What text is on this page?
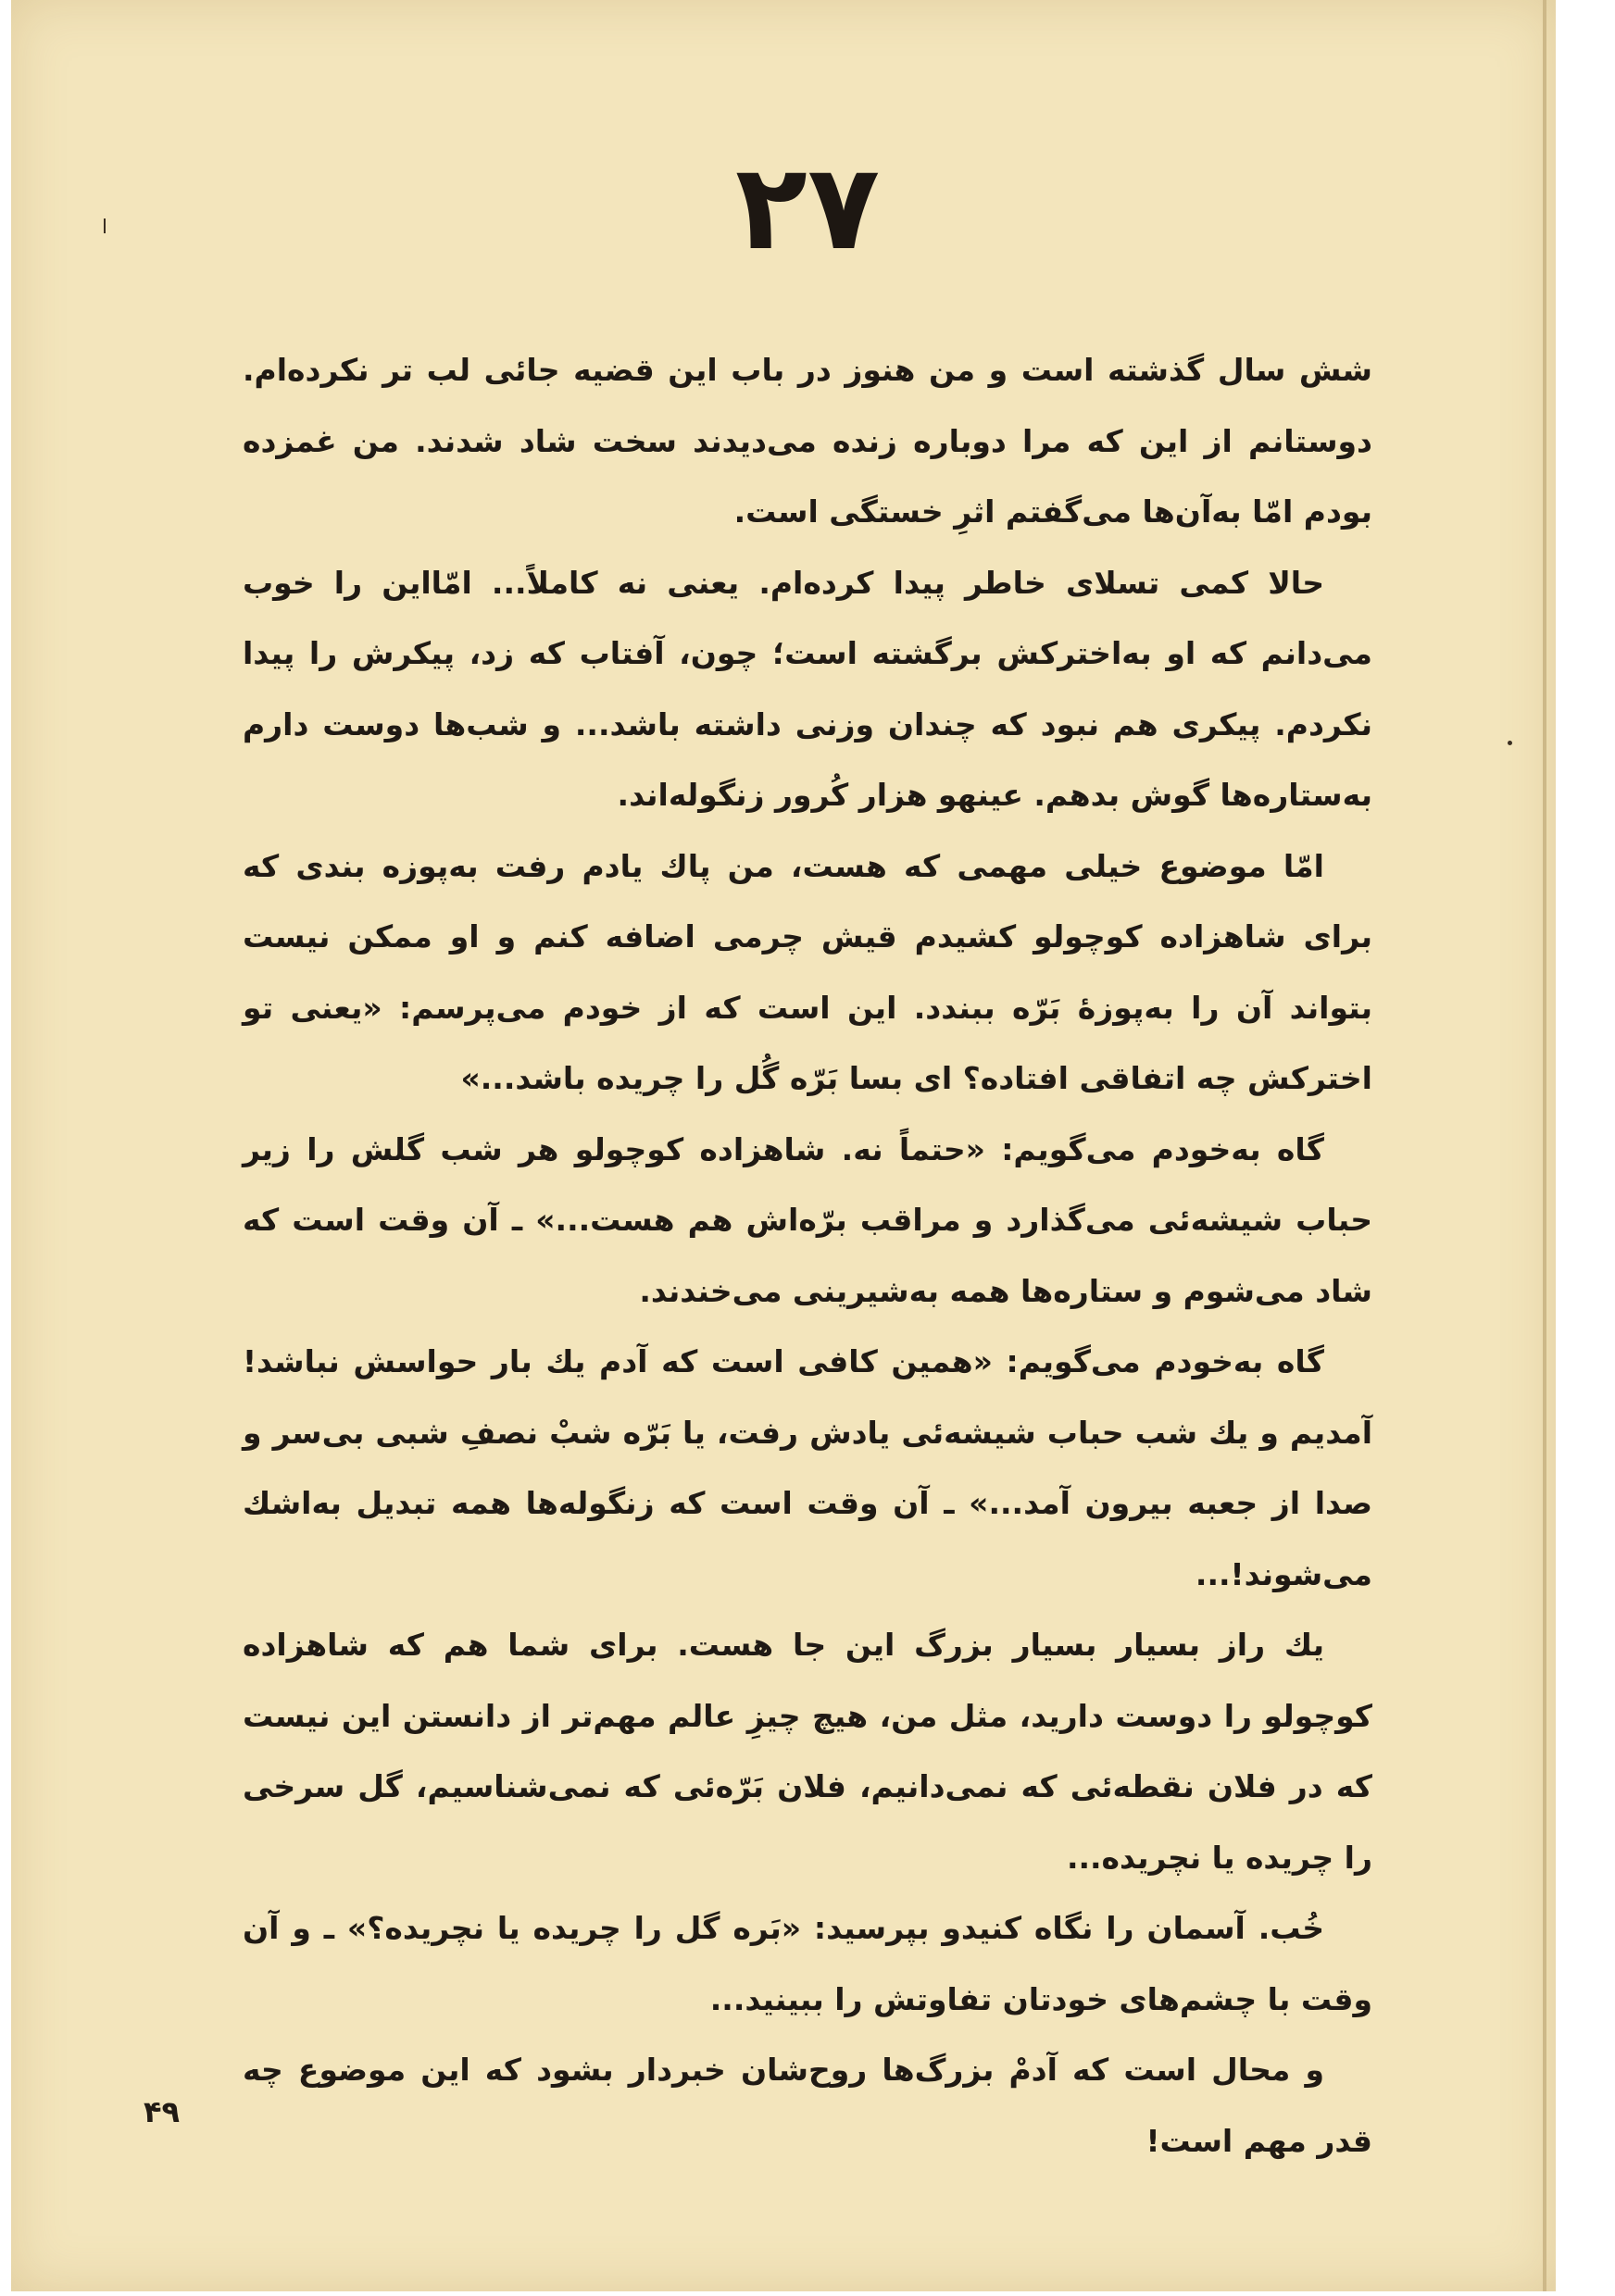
۲۷

شش سال گذشته است و من هنوز در باب این قضیه جائی لب تر نکرده‌ام. دوستانم از این که مرا دوباره زنده می‌دیدند سخت شاد شدند. من غمزده بودم امّا به‌آن‌ها می‌گفتم اثرِ خستگی است.

حالا کمی تسلای خاطر پیدا کرده‌ام. یعنی نه کاملاً... امّااین را خوب می‌دانم که او به‌اخترکش برگشته است؛ چون، آفتاب که زد، پیکرش را پیدا نکردم. پیکری هم نبود که چندان وزنی داشته باشد... و شب‌ها دوست دارم به‌ستاره‌ها گوش بدهم. عینهو هزار کُرور زنگوله‌اند.

امّا موضوع خیلی مهمی که هست، من پاك یادم رفت به‌پوزه بندی که برای شاهزاده کوچولو کشیدم قیش چرمی اضافه کنم و او ممکن نیست بتواند آن را به‌پوزهٔ بَرّه ببندد. این است که از خودم می‌پرسم: «یعنی تو اخترکش چه اتفاقی افتاده؟ ای بسا بَرّه گُل را چریده باشد...»

گاه به‌خودم می‌گویم: «حتماً نه. شاهزاده کوچولو هر شب گلش را زیر حباب شیشه‌ئی می‌گذارد و مراقب برّه‌اش هم هست...» ـ آن وقت است که شاد می‌شوم و ستاره‌ها همه به‌شیرینی می‌خندند.

گاه به‌خودم می‌گویم: «همین کافی است که آدم یك بار حواسش نباشد! آمدیم و یك شب حباب شیشه‌ئی یادش رفت، یا بَرّه شبْ نصفِ شبی بی‌سر و صدا از جعبه بیرون آمد...» ـ آن وقت است که زنگوله‌ها همه تبدیل به‌اشك می‌شوند!...

یك راز بسیار بسیار بزرگ این جا هست. برای شما هم که شاهزاده کوچولو را دوست دارید، مثل من، هیچ چیزِ عالم مهم‌تر از دانستن این نیست که در فلان نقطه‌ئی که نمی‌دانیم، فلان بَرّه‌ئی که نمی‌شناسیم، گل سرخی را چریده یا نچریده...

خُب. آسمان را نگاه کنیدو بپرسید: «بَره گل را چریده یا نچریده؟» ـ و آن وقت با چشم‌های خودتان تفاوتش را ببینید...

و محال است که آدمْ بزرگ‌ها روح‌شان خبردار بشود که این موضوع چه قدر مهم است!

۴۹
